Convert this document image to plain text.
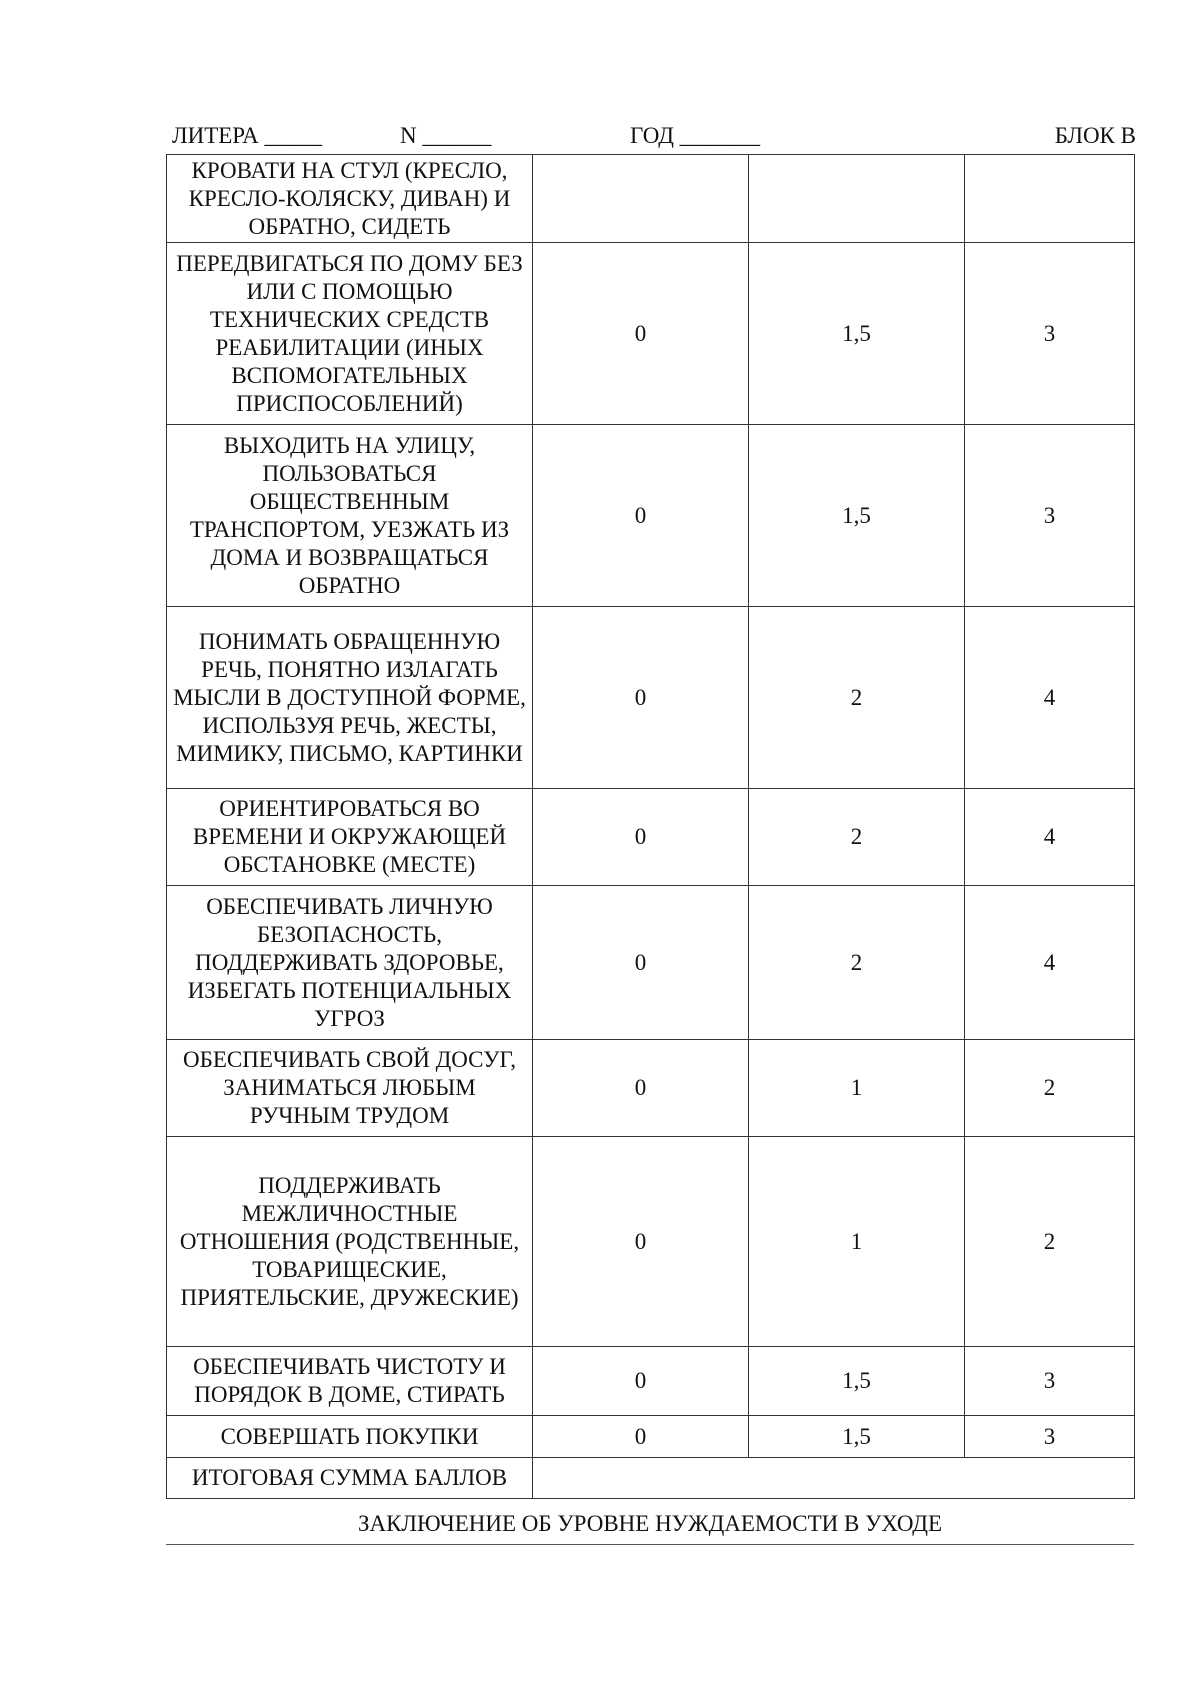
ЛИТЕРА _____	N ______	ГОД _______	БЛОК В
КРОВАТИ НА СТУЛ (КРЕСЛО, КРЕСЛО-КОЛЯСКУ, ДИВАН) И ОБРАТНО, СИДЕТЬ			
ПЕРЕДВИГАТЬСЯ ПО ДОМУ БЕЗ ИЛИ С ПОМОЩЬЮ ТЕХНИЧЕСКИХ СРЕДСТВ РЕАБИЛИТАЦИИ (ИНЫХ ВСПОМОГАТЕЛЬНЫХ ПРИСПОСОБЛЕНИЙ)	0	1,5	3
ВЫХОДИТЬ НА УЛИЦУ, ПОЛЬЗОВАТЬСЯ ОБЩЕСТВЕННЫМ ТРАНСПОРТОМ, УЕЗЖАТЬ ИЗ ДОМА И ВОЗВРАЩАТЬСЯ ОБРАТНО	0	1,5	3
ПОНИМАТЬ ОБРАЩЕННУЮ РЕЧЬ, ПОНЯТНО ИЗЛАГАТЬ МЫСЛИ В ДОСТУПНОЙ ФОРМЕ, ИСПОЛЬЗУЯ РЕЧЬ, ЖЕСТЫ, МИМИКУ, ПИСЬМО, КАРТИНКИ	0	2	4
ОРИЕНТИРОВАТЬСЯ ВО ВРЕМЕНИ И ОКРУЖАЮЩЕЙ ОБСТАНОВКЕ (МЕСТЕ)	0	2	4
ОБЕСПЕЧИВАТЬ ЛИЧНУЮ БЕЗОПАСНОСТЬ, ПОДДЕРЖИВАТЬ ЗДОРОВЬЕ, ИЗБЕГАТЬ ПОТЕНЦИАЛЬНЫХ УГРОЗ	0	2	4
ОБЕСПЕЧИВАТЬ СВОЙ ДОСУГ, ЗАНИМАТЬСЯ ЛЮБЫМ РУЧНЫМ ТРУДОМ	0	1	2
ПОДДЕРЖИВАТЬ МЕЖЛИЧНОСТНЫЕ ОТНОШЕНИЯ (РОДСТВЕННЫЕ, ТОВАРИЩЕСКИЕ, ПРИЯТЕЛЬСКИЕ, ДРУЖЕСКИЕ)	0	1	2
ОБЕСПЕЧИВАТЬ ЧИСТОТУ И ПОРЯДОК В ДОМЕ, СТИРАТЬ	0	1,5	3
СОВЕРШАТЬ ПОКУПКИ	0	1,5	3
ИТОГОВАЯ СУММА БАЛЛОВ			
ЗАКЛЮЧЕНИЕ ОБ УРОВНЕ НУЖДАЕМОСТИ В УХОДЕ
